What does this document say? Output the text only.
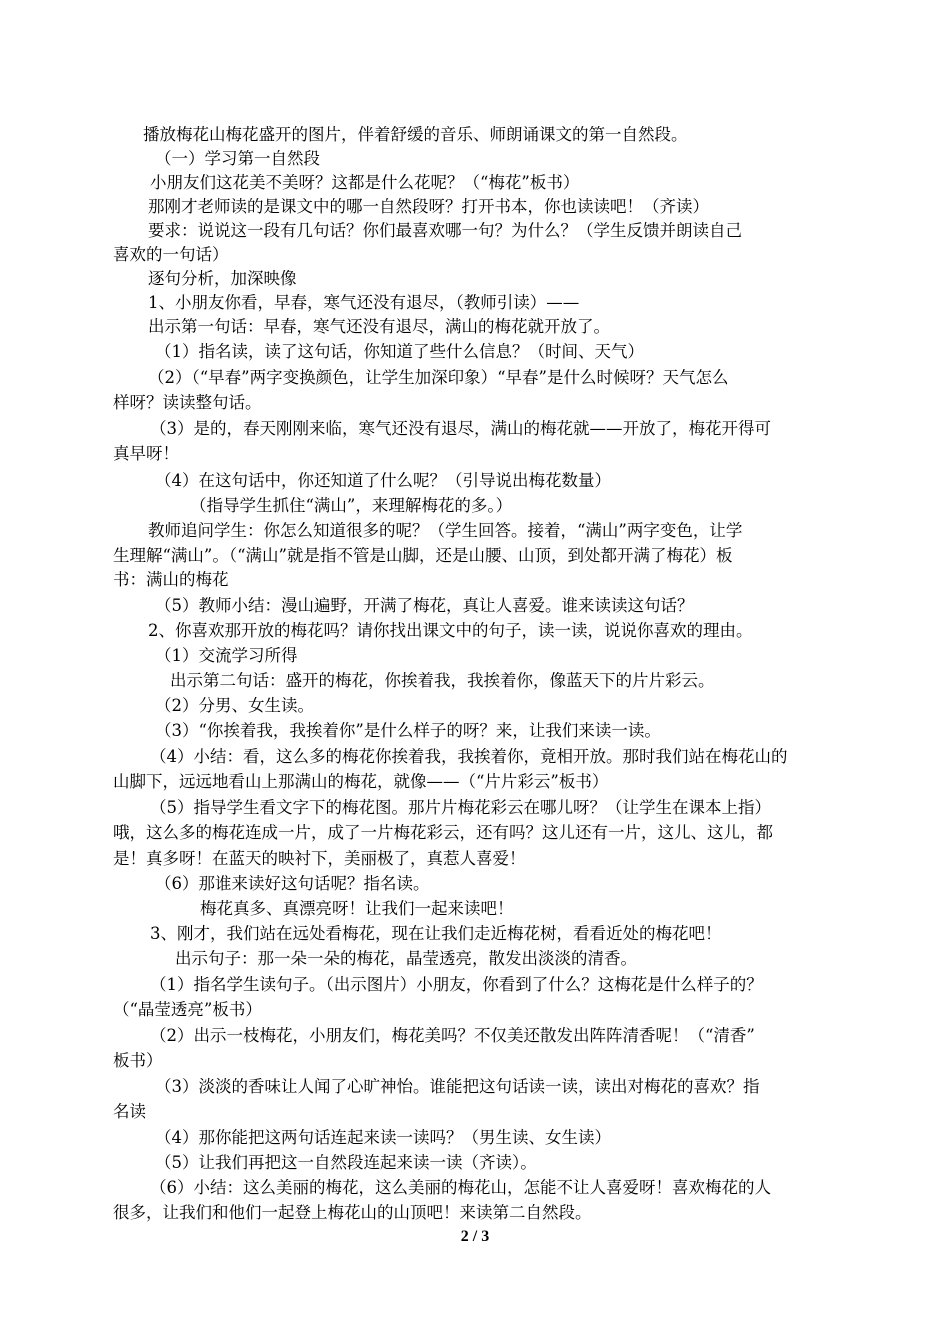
播放梅花山梅花盛开的图片，伴着舒缓的音乐、师朗诵课文的第一自然段。
（一）学习第一自然段
小朋友们这花美不美呀？这都是什么花呢？（“梅花”板书）
那刚才老师读的是课文中的哪一自然段呀？打开书本，你也读读吧！（齐读）
要求：说说这一段有几句话？你们最喜欢哪一句？为什么？（学生反馈并朗读自己
喜欢的一句话）
逐句分析，加深映像
1、小朋友你看，早春，寒气还没有退尽，（教师引读）——
出示第一句话：早春，寒气还没有退尽，满山的梅花就开放了。
（1）指名读，读了这句话，你知道了些什么信息？（时间、天气）
（2）（“早春”两字变换颜色，让学生加深印象）“早春”是什么时候呀？天气怎么
样呀？读读整句话。
（3）是的，春天刚刚来临，寒气还没有退尽，满山的梅花就——开放了，梅花开得可
真早呀！
（4）在这句话中，你还知道了什么呢？（引导说出梅花数量）
（指导学生抓住“满山”，来理解梅花的多。）
教师追问学生：你怎么知道很多的呢？（学生回答。接着，“满山”两字变色，让学
生理解“满山”。（“满山”就是指不管是山脚，还是山腰、山顶，到处都开满了梅花）板
书：满山的梅花
（5）教师小结：漫山遍野，开满了梅花，真让人喜爱。谁来读读这句话？
2、你喜欢那开放的梅花吗？请你找出课文中的句子，读一读，说说你喜欢的理由。
（1）交流学习所得
出示第二句话：盛开的梅花，你挨着我，我挨着你，像蓝天下的片片彩云。
（2）分男、女生读。
（3）“你挨着我，我挨着你”是什么样子的呀？来，让我们来读一读。
（4）小结：看，这么多的梅花你挨着我，我挨着你，竟相开放。那时我们站在梅花山的
山脚下，远远地看山上那满山的梅花，就像——（“片片彩云”板书）
（5）指导学生看文字下的梅花图。那片片梅花彩云在哪儿呀？（让学生在课本上指）
哦，这么多的梅花连成一片，成了一片梅花彩云，还有吗？这儿还有一片，这儿、这儿，都
是！真多呀！在蓝天的映衬下，美丽极了，真惹人喜爱！
（6）那谁来读好这句话呢？指名读。
梅花真多、真漂亮呀！让我们一起来读吧！
3、刚才，我们站在远处看梅花，现在让我们走近梅花树，看看近处的梅花吧！
出示句子：那一朵一朵的梅花，晶莹透亮，散发出淡淡的清香。
（1）指名学生读句子。（出示图片）小朋友，你看到了什么？这梅花是什么样子的？
（“晶莹透亮”板书）
（2）出示一枝梅花，小朋友们，梅花美吗？不仅美还散发出阵阵清香呢！（“清香”
板书）
（3）淡淡的香味让人闻了心旷神怡。谁能把这句话读一读，读出对梅花的喜欢？指
名读
（4）那你能把这两句话连起来读一读吗？（男生读、女生读）
（5）让我们再把这一自然段连起来读一读（齐读）。
（6）小结：这么美丽的梅花，这么美丽的梅花山，怎能不让人喜爱呀！喜欢梅花的人
很多，让我们和他们一起登上梅花山的山顶吧！来读第二自然段。
2 / 3
